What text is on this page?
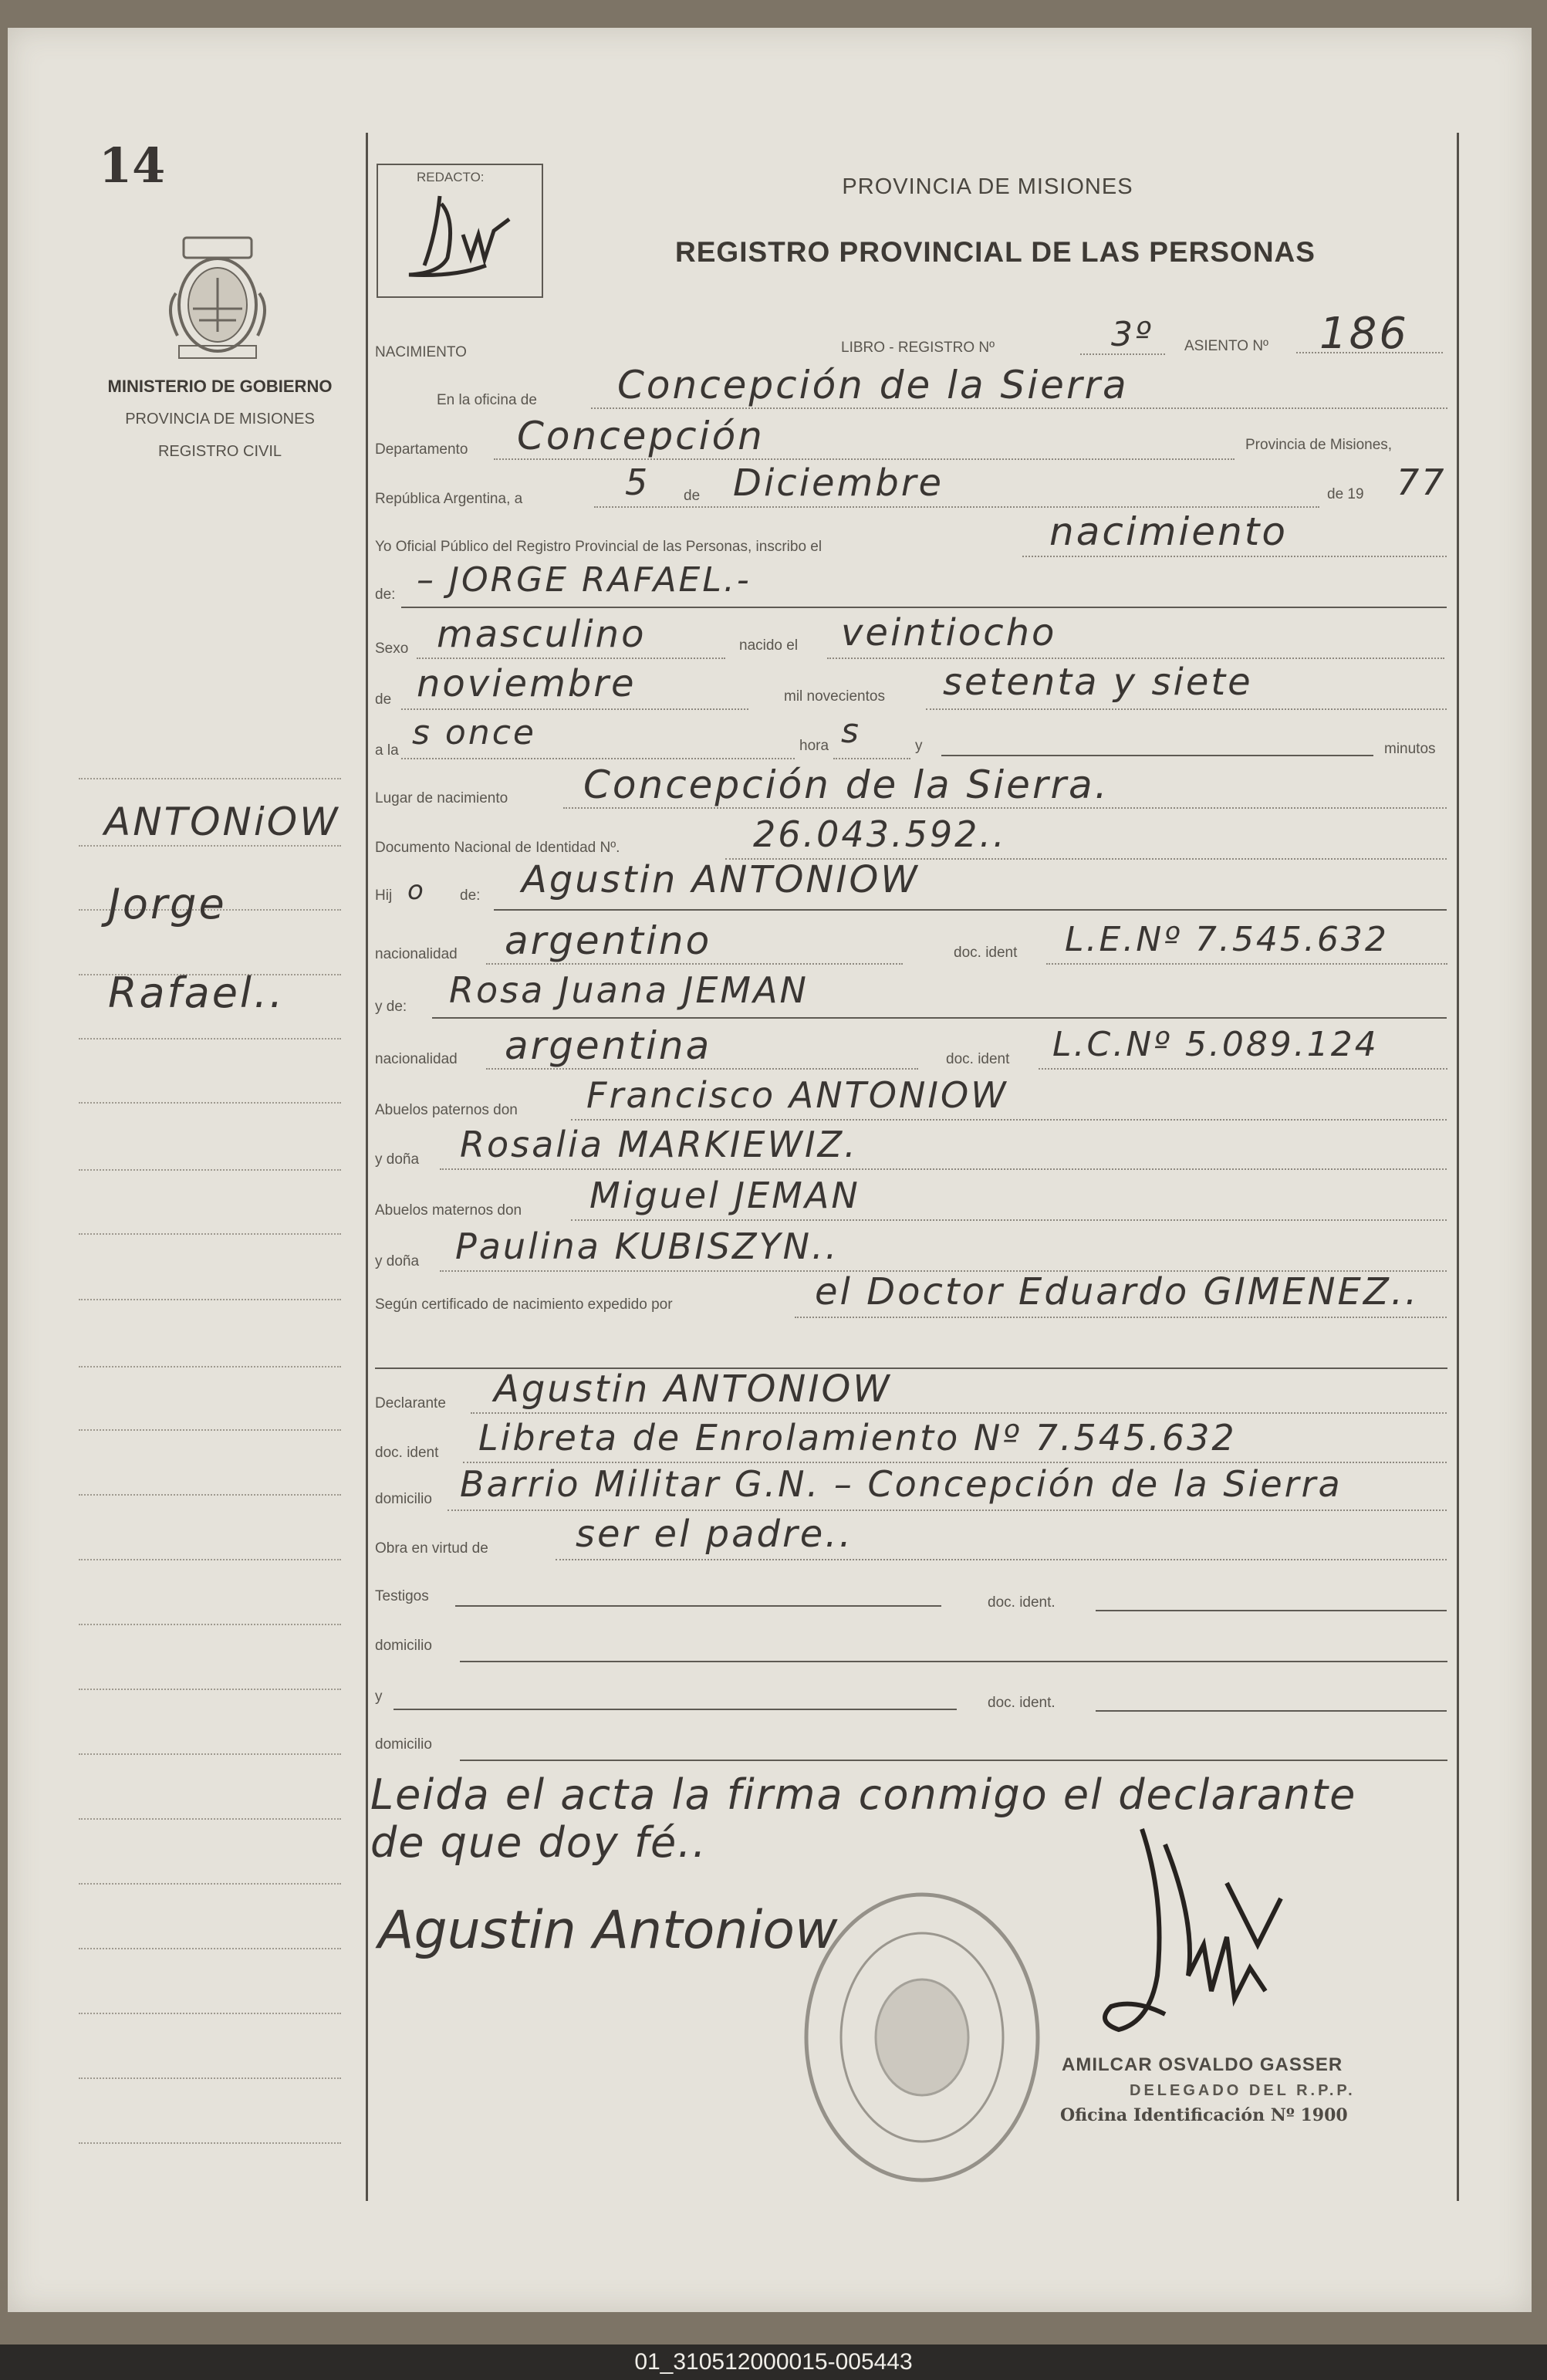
14
MINISTERIO DE GOBIERNO
PROVINCIA DE MISIONES
REGISTRO CIVIL
ANTONiOW
Jorge
Rafael..
REDACTO:	PROVINCIA DE MISIONES
REGISTRO PROVINCIAL DE LAS PERSONAS
NACIMIENTO	LIBRO - REGISTRO Nº	3º ASIENTO Nº 186
En la oficina de Concepción de la Sierra
Departamento Concepción	Provincia de Misiones,
República Argentina, a	5 de Diciembre	de 19 77
Yo Oficial Público del Registro Provincial de las Personas, inscribo el	nacimiento
de: – JORGE RAFAEL.-
Sexo masculino	nacido el veintiocho
de noviembre	mil novecientos setenta y siete
a la s once	hora s	y	minutos
Lugar de nacimiento Concepción de la Sierra.
Documento Nacional de Identidad Nº.	26.043.592..
Hij o de: Agustin ANTONIOW
nacionalidad argentino	doc. ident L.E.Nº 7.545.632
y de: Rosa Juana JEMAN
nacionalidad argentina	doc. ident L.C.Nº 5.089.124
Abuelos paternos don Francisco ANTONIOW
y doña Rosalia MARKIEWIZ.
Abuelos maternos don Miguel JEMAN
y doña Paulina KUBISZYN..
Según certificado de nacimiento expedido por	el Doctor Eduardo GIMENEZ..
Declarante Agustin ANTONIOW
doc. ident Libreta de Enrolamiento Nº 7.545.632
domicilio Barrio Militar G.N. – Concepción de la Sierra
Obra en virtud de ser el padre..
Testigos	doc. ident.
domicilio
y	doc. ident.
domicilio
Leida el acta la firma conmigo el declarante
de que doy fé..
Agustin Antoniow
AMILCAR OSVALDO GASSER
DELEGADO DEL R.P.P.
Oficina Identificación Nº 1900
01_310512000015-005443
